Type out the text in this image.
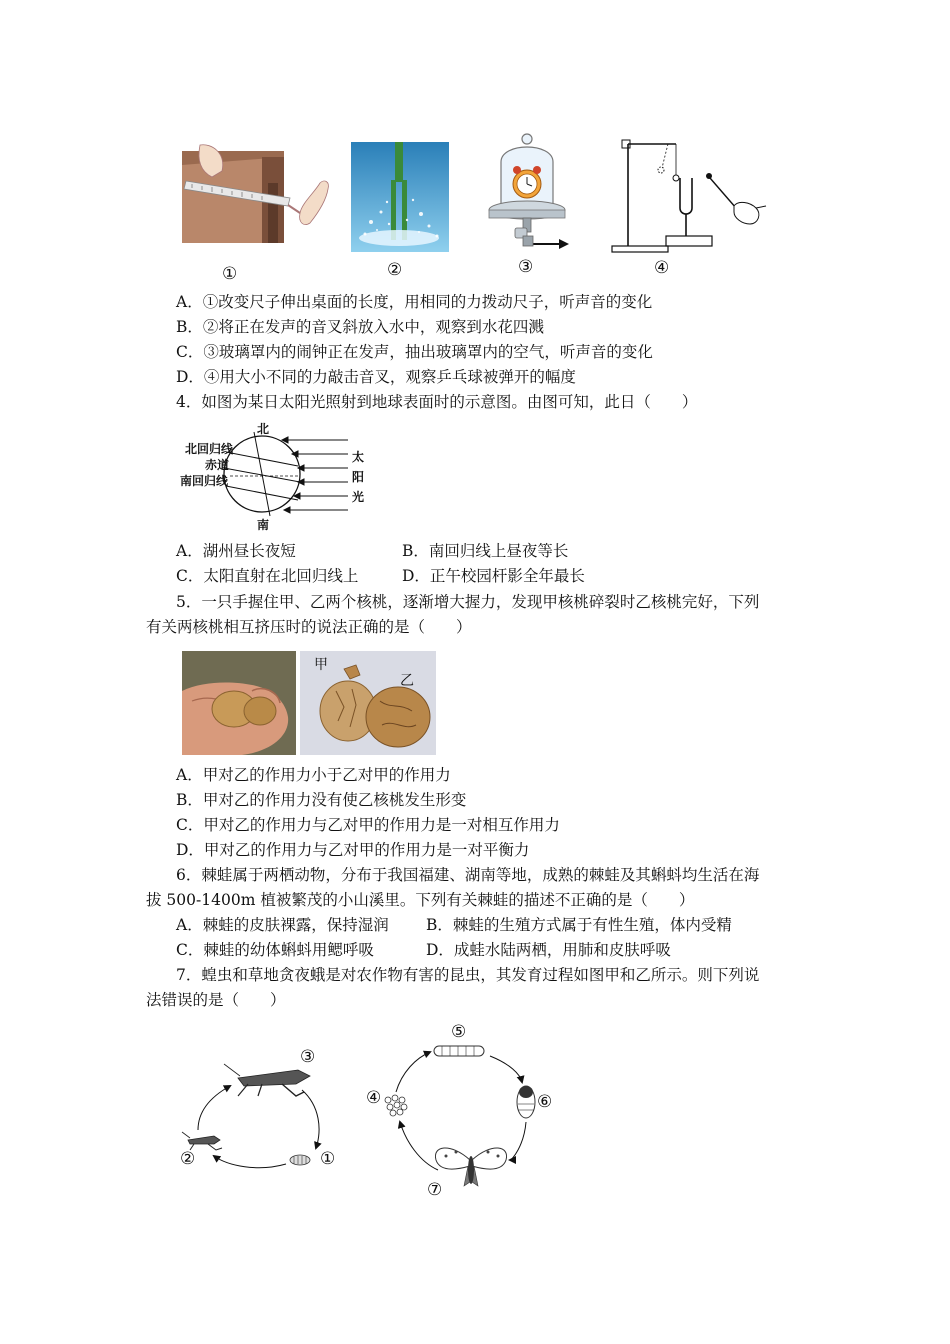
①	②	③	④
A．①改变尺子伸出桌面的长度，用相同的力拨动尺子，听声音的变化
B．②将正在发声的音叉斜放入水中，观察到水花四溅
C．③玻璃罩内的闹钟正在发声，抽出玻璃罩内的空气，听声音的变化
D．④用大小不同的力敲击音叉，观察乒乓球被弹开的幅度
4．如图为某日太阳光照射到地球表面时的示意图。由图可知，此日（　　）
北
北回归线
赤道
南回归线
南
太
阳
光
A．湖州昼长夜短	B．南回归线上昼夜等长
C．太阳直射在北回归线上	D．正午校园杆影全年最长
5．一只手握住甲、乙两个核桃，逐渐增大握力，发现甲核桃碎裂时乙核桃完好，下列
有关两核桃相互挤压时的说法正确的是（　　）
甲
乙
A．甲对乙的作用力小于乙对甲的作用力
B．甲对乙的作用力没有使乙核桃发生形变
C．甲对乙的作用力与乙对甲的作用力是一对相互作用力
D．甲对乙的作用力与乙对甲的作用力是一对平衡力
6．棘蛙属于两栖动物，分布于我国福建、湖南等地，成熟的棘蛙及其蝌蚪均生活在海
拔 500-1400m 植被繁茂的小山溪里。下列有关棘蛙的描述不正确的是（　　）
A．棘蛙的皮肤裸露，保持湿润 B．棘蛙的生殖方式属于有性生殖，体内受精
C．棘蛙的幼体蝌蚪用鳃呼吸	D．成蛙水陆两栖，用肺和皮肤呼吸
7．蝗虫和草地贪夜蛾是对农作物有害的昆虫，其发育过程如图甲和乙所示。则下列说
法错误的是（　　）
③
②	①
⑤
④	⑥
⑦
